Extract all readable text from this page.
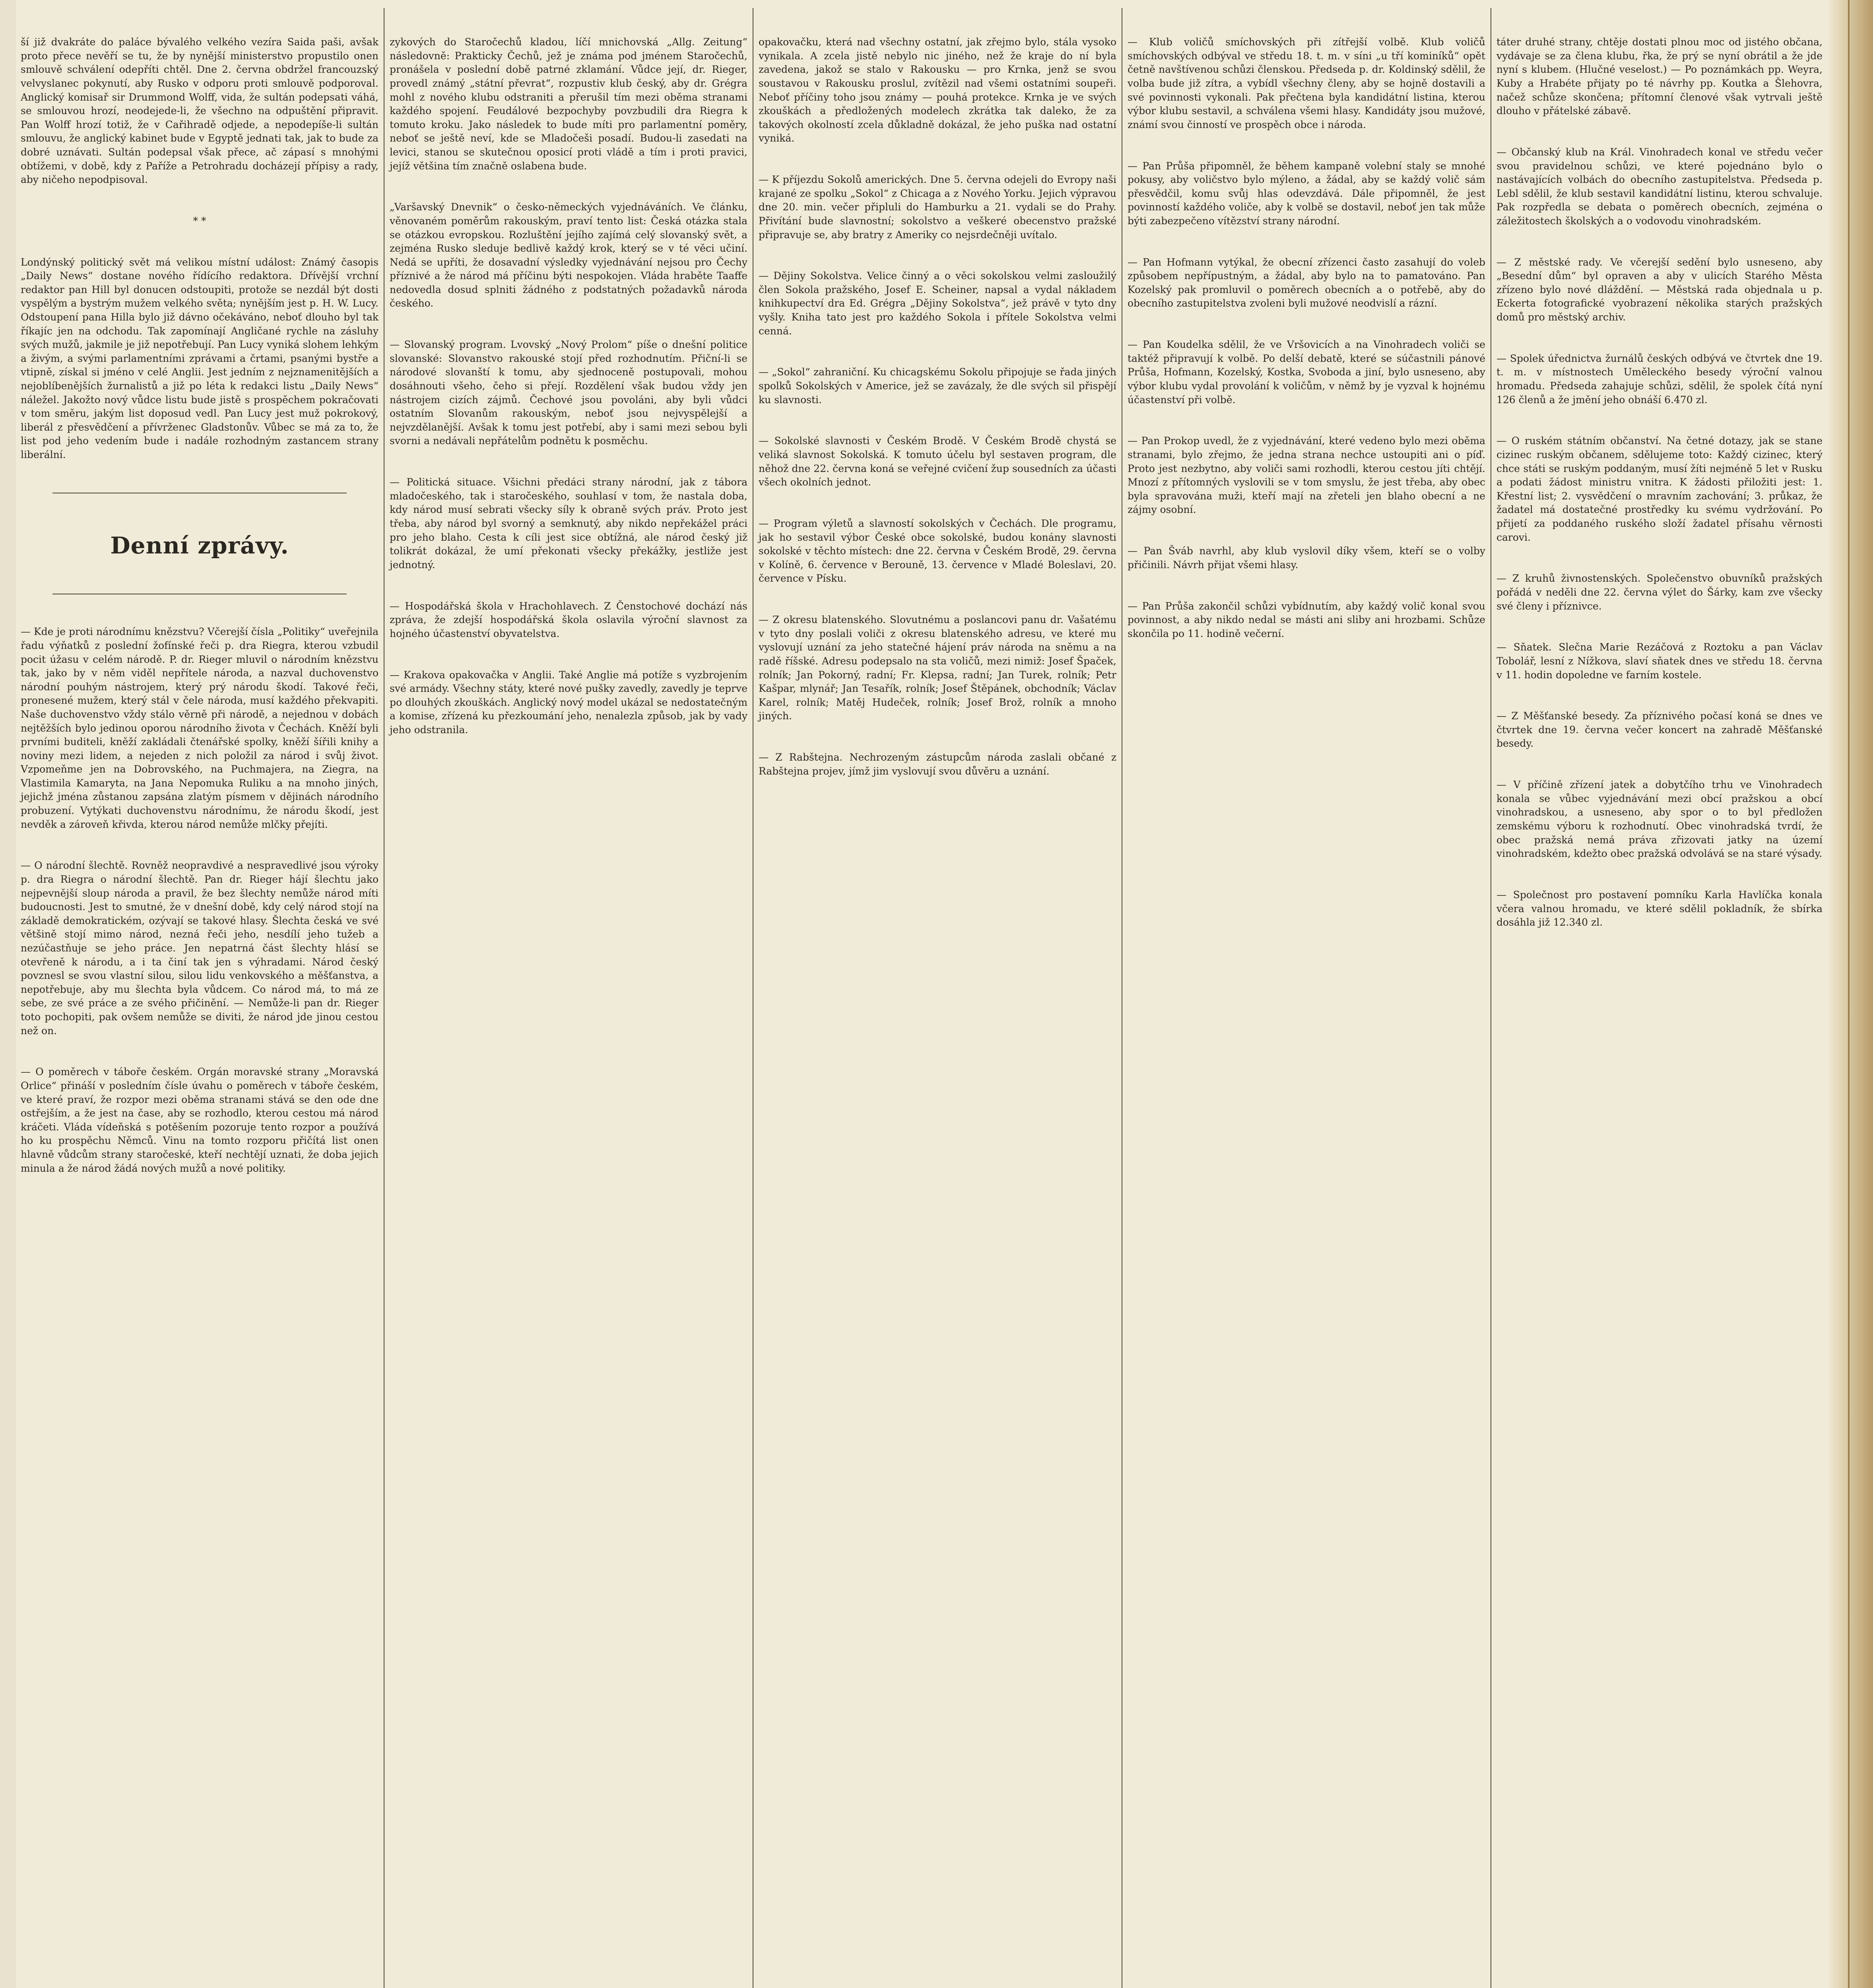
ší již dvakráte do paláce bývalého velkého vezíra Saida paši, avšak proto přece nevěří se tu, že by nynější ministerstvo propustilo onen smlouvě schválení odepříti chtěl. Dne 2. června obdržel francouzský velvyslanec pokynutí, aby Rusko v odporu proti smlouvě podporoval. Anglický komisař sir Drummond Wolff, vida, že sultán podepsati váhá, se smlouvou hrozí, neodejede-li, že všechno na odpuštění připravit. Pan Wolff hrozí totiž, že v Cařihradě odjede, a nepodepíše-li sultán smlouvu, že anglický kabinet bude v Egyptě jednati tak, jak to bude za dobré uznávati. Sultán podepsal však přece, ač zápasí s mnohými obtížemi, v době, kdy z Paříže a Petrohradu docházejí přípisy a rady, aby ničeho nepodpisoval.

* *

Londýnský politický svět má velikou místní událost: Známý časopis „Daily News“ dostane nového řídícího redaktora. Dřívější vrchní redaktor pan Hill byl donucen odstoupiti, protože se nezdál být dosti vyspělým a bystrým mužem velkého světa; nynějším jest p. H. W. Lucy. Odstoupení pana Hilla bylo již dávno očekáváno, neboť dlouho byl tak říkajíc jen na odchodu. Tak zapomínají Angličané rychle na zásluhy svých mužů, jakmile je již nepotřebují. Pan Lucy vyniká slohem lehkým a živým, a svými parlamentními zprávami a črtami, psanými bystře a vtipně, získal si jméno v celé Anglii. Jest jedním z nejznamenitějších a nejoblíbenějších žurnalistů a již po léta k redakci listu „Daily News“ náležel. Jakožto nový vůdce listu bude jistě s prospěchem pokračovati v tom směru, jakým list doposud vedl. Pan Lucy jest muž pokrokový, liberál z přesvědčení a přívrženec Gladstonův. Vůbec se má za to, že list pod jeho vedením bude i nadále rozhodným zastancem strany liberální.

Denní zprávy.

— Kde je proti národnímu knězstvu? Včerejší čísla „Politiky“ uveřejnila řadu výňatků z poslední žofínské řeči p. dra Riegra, kterou vzbudil pocit úžasu v celém národě. P. dr. Rieger mluvil o národním knězstvu tak, jako by v něm viděl nepřítele národa, a nazval duchovenstvo národní pouhým nástrojem, který prý národu škodí. Takové řeči, pronesené mužem, který stál v čele národa, musí každého překvapiti. Naše duchovenstvo vždy stálo věrně při národě, a nejednou v dobách nejtěžších bylo jedinou oporou národního života v Čechách. Kněží byli prvními buditeli, kněží zakládali čtenářské spolky, kněží šířili knihy a noviny mezi lidem, a nejeden z nich položil za národ i svůj život. Vzpomeňme jen na Dobrovského, na Puchmajera, na Ziegra, na Vlastimila Kamaryta, na Jana Nepomuka Ruliku a na mnoho jiných, jejichž jména zůstanou zapsána zlatým písmem v dějinách národního probuzení. Vytýkati duchovenstvu národnímu, že národu škodí, jest nevděk a zároveň křivda, kterou národ nemůže mlčky přejíti.

— O národní šlechtě. Rovněž neopravdivé a nespravedlivé jsou výroky p. dra Riegra o národní šlechtě. Pan dr. Rieger hájí šlechtu jako nejpevnější sloup národa a pravil, že bez šlechty nemůže národ míti budoucnosti. Jest to smutné, že v dnešní době, kdy celý národ stojí na základě demokratickém, ozývají se takové hlasy. Šlechta česká ve své většině stojí mimo národ, nezná řeči jeho, nesdílí jeho tužeb a nezúčastňuje se jeho práce. Jen nepatrná část šlechty hlásí se otevřeně k národu, a i ta činí tak jen s výhradami. Národ český povznesl se svou vlastní silou, silou lidu venkovského a měšťanstva, a nepotřebuje, aby mu šlechta byla vůdcem. Co národ má, to má ze sebe, ze své práce a ze svého přičinění. — Nemůže-li pan dr. Rieger toto pochopiti, pak ovšem nemůže se diviti, že národ jde jinou cestou než on.

— O poměrech v táboře českém. Orgán moravské strany „Moravská Orlice“ přináší v posledním čísle úvahu o poměrech v táboře českém, ve které praví, že rozpor mezi oběma stranami stává se den ode dne ostřejším, a že jest na čase, aby se rozhodlo, kterou cestou má národ kráčeti. Vláda vídeňská s potěšením pozoruje tento rozpor a používá ho ku prospěchu Němců. Vinu na tomto rozporu přičítá list onen hlavně vůdcům strany staročeské, kteří nechtějí uznati, že doba jejich minula a že národ žádá nových mužů a nové politiky.

zykových do Staročechů kladou, líčí mnichovská „Allg. Zeitung“ následovně: Prakticky Čechů, jež je známa pod jménem Staročechů, pronášela v poslední době patrné zklamání. Vůdce její, dr. Rieger, provedl známý „státní převrat“, rozpustiv klub český, aby dr. Grégra mohl z nového klubu odstraniti a přerušil tím mezi oběma stranami každého spojení. Feudálové bezpochyby povzbudili dra Riegra k tomuto kroku. Jako následek to bude míti pro parlamentní poměry, neboť se ještě neví, kde se Mladočeši posadí. Budou-li zasedati na levici, stanou se skutečnou oposicí proti vládě a tím i proti pravici, jejíž většina tím značně oslabena bude.

„Varšavský Dnevnik“ o česko-německých vyjednáváních. Ve článku, věnovaném poměrům rakouským, praví tento list: Česká otázka stala se otázkou evropskou. Rozluštění jejího zajímá celý slovanský svět, a zejména Rusko sleduje bedlivě každý krok, který se v té věci učiní. Nedá se upříti, že dosavadní výsledky vyjednávání nejsou pro Čechy příznivé a že národ má příčinu býti nespokojen. Vláda hraběte Taaffe nedovedla dosud splniti žádného z podstatných požadavků národa českého.

— Slovanský program. Lvovský „Nový Prolom“ píše o dnešní politice slovanské: Slovanstvo rakouské stojí před rozhodnutím. Přiční-li se národové slovanští k tomu, aby sjednoceně postupovali, mohou dosáhnouti všeho, čeho si přejí. Rozdělení však budou vždy jen nástrojem cizích zájmů. Čechové jsou povoláni, aby byli vůdci ostatním Slovanům rakouským, neboť jsou nejvyspělejší a nejvzdělanější. Avšak k tomu jest potřebí, aby i sami mezi sebou byli svorni a nedávali nepřátelům podnětu k posměchu.

— Politická situace. Všichni předáci strany národní, jak z tábora mladočeského, tak i staročeského, souhlasí v tom, že nastala doba, kdy národ musí sebrati všecky síly k obraně svých práv. Proto jest třeba, aby národ byl svorný a semknutý, aby nikdo nepřekážel práci pro jeho blaho. Cesta k cíli jest sice obtížná, ale národ český již tolikrát dokázal, že umí překonati všecky překážky, jestliže jest jednotný.

— Hospodářská škola v Hrachohlavech. Z Čenstochové dochází nás zpráva, že zdejší hospodářská škola oslavila výroční slavnost za hojného účastenství obyvatelstva.

— Krakova opakovačka v Anglii. Také Anglie má potíže s vyzbrojením své armády. Všechny státy, které nové pušky zavedly, zavedly je teprve po dlouhých zkouškách. Anglický nový model ukázal se nedostatečným a komise, zřízená ku přezkoumání jeho, nenalezla způsob, jak by vady jeho odstranila.

opakovačku, která nad všechny ostatní, jak zřejmo bylo, stála vysoko vynikala. A zcela jistě nebylo nic jiného, než že kraje do ní byla zavedena, jakož se stalo v Rakousku — pro Krnka, jenž se svou soustavou v Rakousku proslul, zvítězil nad všemi ostatními soupeři. Neboť příčiny toho jsou známy — pouhá protekce. Krnka je ve svých zkouškách a předložených modelech zkrátka tak daleko, že za takových okolností zcela důkladně dokázal, že jeho puška nad ostatní vyniká.

— K příjezdu Sokolů amerických. Dne 5. června odejeli do Evropy naši krajané ze spolku „Sokol“ z Chicaga a z Nového Yorku. Jejich výpravou dne 20. min. večer připluli do Hamburku a 21. vydali se do Prahy. Přivítání bude slavnostní; sokolstvo a veškeré obecenstvo pražské připravuje se, aby bratry z Ameriky co nejsrdečněji uvítalo.

— Dějiny Sokolstva. Velice činný a o věci sokolskou velmi zasloužilý člen Sokola pražského, Josef E. Scheiner, napsal a vydal nákladem knihkupectví dra Ed. Grégra „Dějiny Sokolstva“, jež právě v tyto dny vyšly. Kniha tato jest pro každého Sokola i přítele Sokolstva velmi cenná.

— „Sokol“ zahraniční. Ku chicagskému Sokolu připojuje se řada jiných spolků Sokolských v Americe, jež se zavázaly, že dle svých sil přispějí ku slavnosti.

— Sokolské slavnosti v Českém Brodě. V Českém Brodě chystá se veliká slavnost Sokolská. K tomuto účelu byl sestaven program, dle něhož dne 22. června koná se veřejné cvičení žup sousedních za účasti všech okolních jednot.

— Program výletů a slavností sokolských v Čechách. Dle programu, jak ho sestavil výbor České obce sokolské, budou konány slavnosti sokolské v těchto místech: dne 22. června v Českém Brodě, 29. června v Kolíně, 6. července v Berouně, 13. července v Mladé Boleslavi, 20. července v Písku.

— Z okresu blatenského. Slovutnému a poslancovi panu dr. Vašatému v tyto dny poslali voliči z okresu blatenského adresu, ve které mu vyslovují uznání za jeho statečné hájení práv národa na sněmu a na radě říšské. Adresu podepsalo na sta voličů, mezi nimiž: Josef Špaček, rolník; Jan Pokorný, radní; Fr. Klepsa, radní; Jan Turek, rolník; Petr Kašpar, mlynář; Jan Tesařík, rolník; Josef Štěpánek, obchodník; Václav Karel, rolník; Matěj Hudeček, rolník; Josef Brož, rolník a mnoho jiných.

— Z Rabštejna. Nechrozeným zástupcům národa zaslali občané z Rabštejna projev, jímž jim vyslovují svou důvěru a uznání.

— Klub voličů smíchovských při zítřejší volbě. Klub voličů smíchovských odbýval ve středu 18. t. m. v síni „u tří kominíků“ opět četně navštívenou schůzi členskou. Předseda p. dr. Koldinský sdělil, že volba bude již zítra, a vybídl všechny členy, aby se hojně dostavili a své povinnosti vykonali. Pak přečtena byla kandidátní listina, kterou výbor klubu sestavil, a schválena všemi hlasy. Kandidáty jsou mužové, známí svou činností ve prospěch obce i národa.

— Pan Průša připomněl, že během kampaně volební staly se mnohé pokusy, aby voličstvo bylo mýleno, a žádal, aby se každý volič sám přesvědčil, komu svůj hlas odevzdává. Dále připomněl, že jest povinností každého voliče, aby k volbě se dostavil, neboť jen tak může býti zabezpečeno vítězství strany národní.

— Pan Hofmann vytýkal, že obecní zřízenci často zasahují do voleb způsobem nepřípustným, a žádal, aby bylo na to pamatováno. Pan Kozelský pak promluvil o poměrech obecních a o potřebě, aby do obecního zastupitelstva zvoleni byli mužové neodvislí a rázní.

— Pan Koudelka sdělil, že ve Vršovicích a na Vinohradech voliči se taktéž připravují k volbě. Po delší debatě, které se súčastnili pánové Průša, Hofmann, Kozelský, Kostka, Svoboda a jiní, bylo usneseno, aby výbor klubu vydal provolání k voličům, v němž by je vyzval k hojnému účastenství při volbě.

— Pan Prokop uvedl, že z vyjednávání, které vedeno bylo mezi oběma stranami, bylo zřejmo, že jedna strana nechce ustoupiti ani o píď. Proto jest nezbytno, aby voliči sami rozhodli, kterou cestou jíti chtějí. Mnozí z přítomných vyslovili se v tom smyslu, že jest třeba, aby obec byla spravována muži, kteří mají na zřeteli jen blaho obecní a ne zájmy osobní.

— Pan Šváb navrhl, aby klub vyslovil díky všem, kteří se o volby přičinili. Návrh přijat všemi hlasy.

— Pan Průša zakončil schůzi vybídnutím, aby každý volič konal svou povinnost, a aby nikdo nedal se másti ani sliby ani hrozbami. Schůze skončila po 11. hodině večerní.

táter druhé strany, chtěje dostati plnou moc od jistého občana, vydávaje se za člena klubu, řka, že prý se nyní obrátil a že jde nyní s klubem. (Hlučné veselost.) — Po poznámkách pp. Weyra, Kuby a Hrabéte přijaty po té návrhy pp. Koutka a Šlehovra, načež schůze skončena; přítomní členové však vytrvali ještě dlouho v přátelské zábavě.

— Občanský klub na Král. Vinohradech konal ve středu večer svou pravidelnou schůzi, ve které pojednáno bylo o nastávajících volbách do obecního zastupitelstva. Předseda p. Lebl sdělil, že klub sestavil kandidátní listinu, kterou schvaluje. Pak rozpředla se debata o poměrech obecních, zejména o záležitostech školských a o vodovodu vinohradském.

— Z městské rady. Ve včerejší sedění bylo usneseno, aby „Besední dům“ byl opraven a aby v ulicích Starého Města zřízeno bylo nové dláždění. — Městská rada objednala u p. Eckerta fotografické vyobrazení několika starých pražských domů pro městský archiv.

— Spolek úřednictva žurnálů českých odbývá ve čtvrtek dne 19. t. m. v místnostech Uměleckého besedy výroční valnou hromadu. Předseda zahajuje schůzi, sdělil, že spolek čítá nyní 126 členů a že jmění jeho obnáší 6.470 zl.

— O ruském státním občanství. Na četné dotazy, jak se stane cizinec ruským občanem, sdělujeme toto: Každý cizinec, který chce státi se ruským poddaným, musí žíti nejméně 5 let v Rusku a podati žádost ministru vnitra. K žádosti přiložiti jest: 1. Křestní list; 2. vysvědčení o mravním zachování; 3. průkaz, že žadatel má dostatečné prostředky ku svému vydržování. Po přijetí za poddaného ruského složí žadatel přísahu věrnosti carovi.

— Z kruhů živnostenských. Společenstvo obuvníků pražských pořádá v neděli dne 22. června výlet do Šárky, kam zve všecky své členy i příznivce.

— Sňatek. Slečna Marie Rezáčová z Roztoku a pan Václav Tobolář, lesní z Nížkova, slaví sňatek dnes ve středu 18. června v 11. hodin dopoledne ve farním kostele.

— Z Měšťanské besedy. Za příznivého počasí koná se dnes ve čtvrtek dne 19. června večer koncert na zahradě Měšťanské besedy.

— V příčině zřízení jatek a dobytčího trhu ve Vinohradech konala se vůbec vyjednávání mezi obcí pražskou a obcí vinohradskou, a usneseno, aby spor o to byl předložen zemskému výboru k rozhodnutí. Obec vinohradská tvrdí, že obec pražská nemá práva zřizovati jatky na území vinohradském, kdežto obec pražská odvolává se na staré výsady.

— Společnost pro postavení pomníku Karla Havlíčka konala včera valnou hromadu, ve které sdělil pokladník, že sbírka dosáhla již 12.340 zl.
